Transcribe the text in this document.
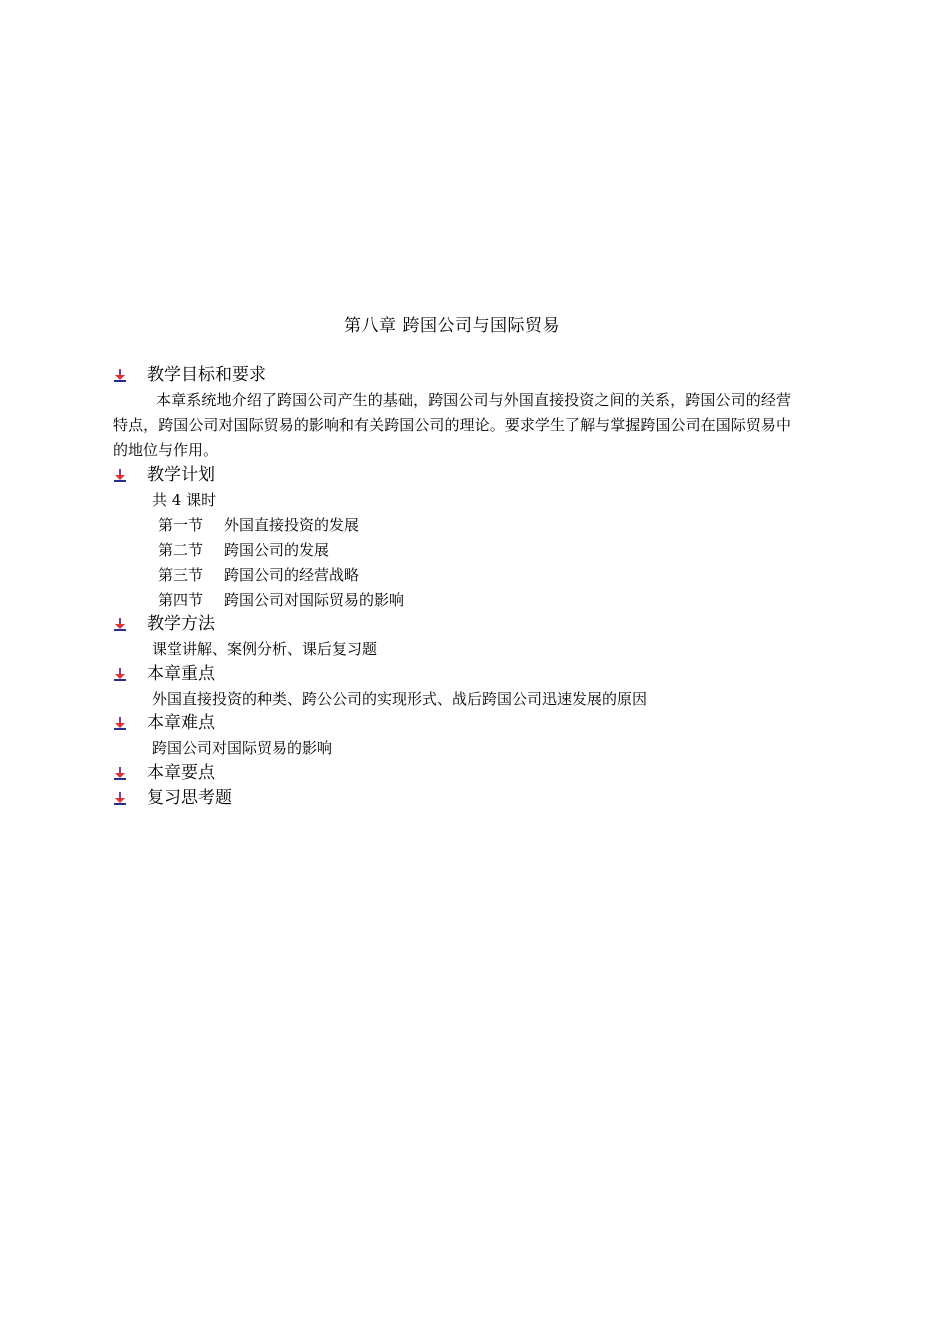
第八章 跨国公司与国际贸易
教学目标和要求
本章系统地介绍了跨国公司产生的基础，跨国公司与外国直接投资之间的关系，跨国公司的经营特点，跨国公司对国际贸易的影响和有关跨国公司的理论。要求学生了解与掌握跨国公司在国际贸易中的地位与作用。
教学计划
共 4 课时
第一节 外国直接投资的发展
第二节 跨国公司的发展
第三节 跨国公司的经营战略
第四节 跨国公司对国际贸易的影响
教学方法
课堂讲解、案例分析、课后复习题
本章重点
外国直接投资的种类、跨公公司的实现形式、战后跨国公司迅速发展的原因
本章难点
跨国公司对国际贸易的影响
本章要点
复习思考题
